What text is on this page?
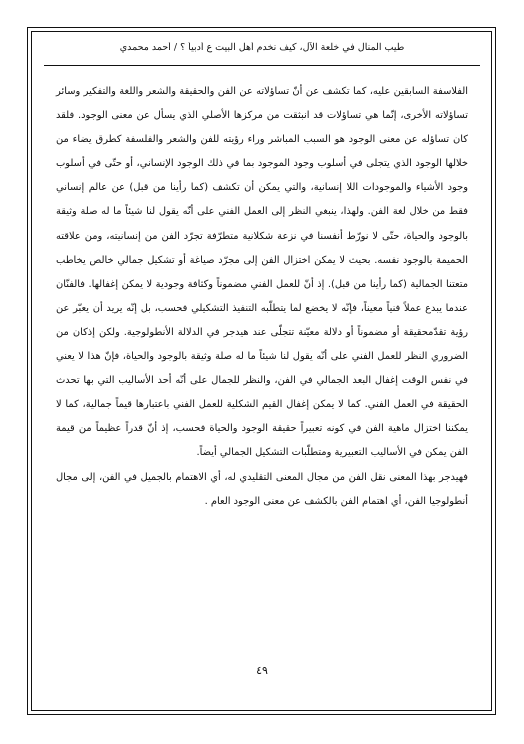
طيب المنال في خلعة الآل، كيف نخدم أهل البيت ع أدبياً ؟ / أحمد محمدي

الفلاسفة السابقين عليه، كما تكشف عن أنّ تساؤلاته عن الفن والحقيقة والشعر واللغة والتفكير وسائر تساؤلاته الأخرى، إنّما هي تساؤلات قد انبثقت من مركزها الأصلي الذي يسأل عن معنى الوجود. فلقد كان تساؤله عن معنى الوجود هو السبب المباشر وراء رؤيته للفن والشعر والفلسفة كطرق يضاء من خلالها الوجود الذي يتجلى في أسلوب وجود الموجود بما في ذلك الوجود الإنساني، أو حتّى في أسلوب وجود الأشياء والموجودات اللا إنسانية، والتي يمكن أن تكشف (كما رأينا من قبل) عن عالم إنساني فقط من خلال لغة الفن. ولهذا، ينبغي النظر إلى العمل الفني على أنّه يقول لنا شيئاً ما له صلة وثيقة بالوجود والحياة، حتّى لا نورّط أنفسنا في نزعة شكلانية متطرّفة تجرّد الفن من إنسانيته، ومن علاقته الحميمة بالوجود نفسه. بحيث لا يمكن اختزال الفن إلى مجرّد صياغة أو تشكيل جمالي خالص يخاطب متعتنا الجمالية (كما رأينا من قبل). إذ أنّ للعمل الفني مضموناً وكثافة وجودية لا يمكن إغفالها. فالفنّان عندما يبدع عملاً فنياً معيناً، فإنّه لا يخضع لما يتطلّبه التنفيذ التشكيلي فحسب، بل إنّه يريد أن يعبّر عن رؤية تقدّمحقيقة أو مضموناً أو دلالة معيّنة تتجلّى عند هيدجر في الدلالة الأنطولوجية. ولكن إذكان من الضروري النظر للعمل الفني على أنّه يقول لنا شيئاً ما له صلة وثيقة بالوجود والحياة، فإنّ هذا لا يعني في نفس الوقت إغفال البعد الجمالي في الفن، والنظر للجمال على أنّه أحد الأساليب التي بها تحدث الحقيقة في العمل الفني. كما لا يمكن إغفال القيم الشكلية للعمل الفني باعتبارها قيماً جمالية، كما لا يمكننا اختزال ماهية الفن في كونه تعبيراً حقيقة الوجود والحياة فحسب، إذ أنّ قدراً عظيماً من قيمة الفن يمكن في الأساليب التعبيرية ومتطلّبات التشكيل الجمالي أيضاً.

فهيدجر بهذا المعنى نقل الفن من مجال المعنى التقليدي له، أي الاهتمام بالجميل في الفن، إلى مجال أنطولوجيا الفن، أي اهتمام الفن بالكشف عن معنى الوجود العام .

٤٩
